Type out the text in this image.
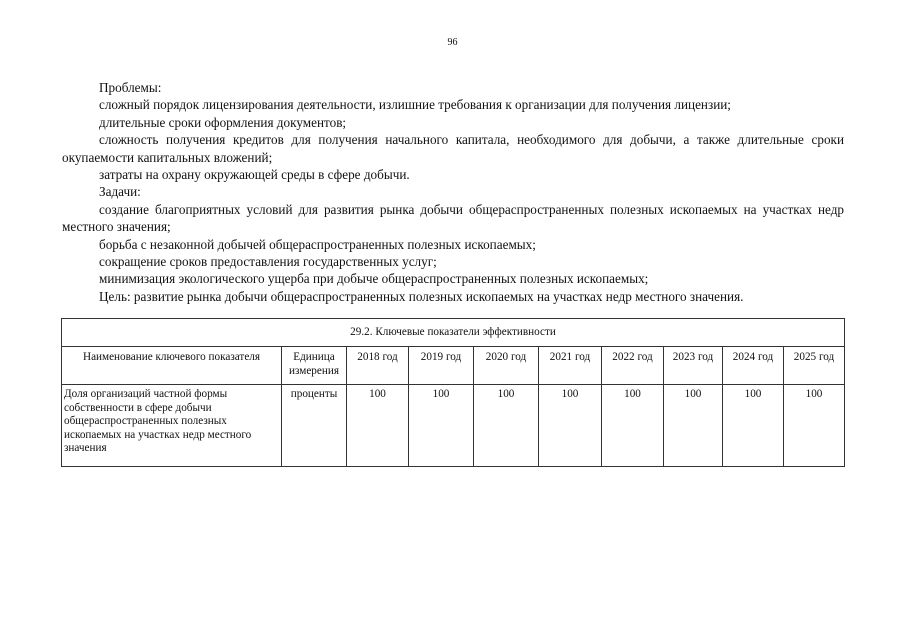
96

Проблемы:

сложный порядок лицензирования деятельности, излишние требования к организации для получения лицензии;

длительные сроки оформления документов;

сложность получения кредитов для получения начального капитала, необходимого для добычи, а также длительные сроки окупаемости капитальных вложений;

затраты на охрану окружающей среды в сфере добычи.

Задачи:

создание благоприятных условий для развития рынка добычи общераспространенных полезных ископаемых на участках недр местного значения;

борьба с незаконной добычей общераспространенных полезных ископаемых;

сокращение сроков предоставления государственных услуг;

минимизация экологического ущерба при добыче общераспространенных полезных ископаемых;

Цель: развитие рынка добычи общераспространенных полезных ископаемых на участках недр местного значения.

29.2. Ключевые показатели эффективности									
Наименование ключевого показателя	Единица измерения	2018 год	2019 год	2020 год	2021 год	2022 год	2023 год	2024 год	2025 год
Доля организаций частной формы собственности в сфере добычи общераспространенных полезных ископаемых на участках недр местного значения	проценты	100	100	100	100	100	100	100	100
